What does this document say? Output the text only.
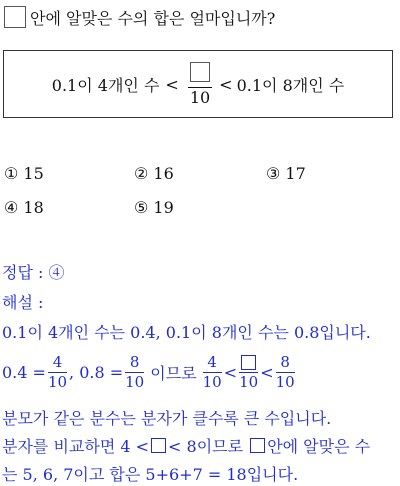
안에 알맞은 수의 합은 얼마입니까?
0.1이 4개인 수 <
10
< 0.1이 8개인 수
① 15	② 16	③ 17
④ 18	⑤ 19
정답 : ④
해설 :
0.1이 4개인 수는 0.4, 0.1이 8개인 수는 0.8입니다.
0.4 =
4
10 , 0.8 =
8
10 이므로
4
10 <
10
<
8
10
분모가 같은 분수는 분자가 클수록 큰 수입니다.
분자를 비교하면 4 < < 8이므로 안에 알맞은 수
는 5, 6, 7이고 합은 5+6+7 = 18입니다.
